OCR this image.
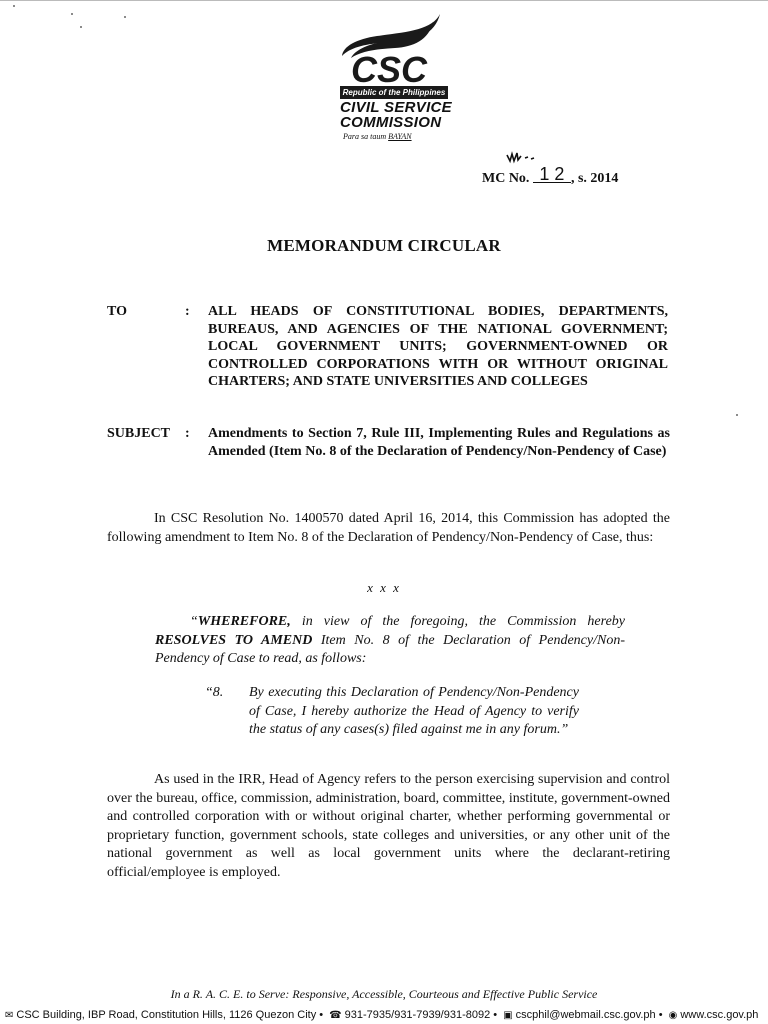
CSC
Republic of the Philippines
CIVIL SERVICE
COMMISSION
Para sa taum BAYAN
MC No. 1 2 , s. 2014
MEMORANDUM CIRCULAR
TO	: ALL HEADS OF CONSTITUTIONAL BODIES, DEPARTMENTS, BUREAUS, AND AGENCIES OF THE NATIONAL GOVERNMENT; LOCAL GOVERNMENT UNITS; GOVERNMENT-OWNED OR CONTROLLED CORPORATIONS WITH OR WITHOUT ORIGINAL CHARTERS; AND STATE UNIVERSITIES AND COLLEGES
SUBJECT : Amendments to Section 7, Rule III, Implementing Rules and Regulations as Amended (Item No. 8 of the Declaration of Pendency/Non-Pendency of Case)
In CSC Resolution No. 1400570 dated April 16, 2014, this Commission has adopted the following amendment to Item No. 8 of the Declaration of Pendency/Non-Pendency of Case, thus:
x x x
“WHEREFORE, in view of the foregoing, the Commission hereby RESOLVES TO AMEND Item No. 8 of the Declaration of Pendency/Non-Pendency of Case to read, as follows:
“8. By executing this Declaration of Pendency/Non-Pendency of Case, I hereby authorize the Head of Agency to verify the status of any cases(s) filed against me in any forum.”
As used in the IRR, Head of Agency refers to the person exercising supervision and control over the bureau, office, commission, administration, board, committee, institute, government-owned and controlled corporation with or without original charter, whether performing governmental or proprietary function, government schools, state colleges and universities, or any other unit of the national government as well as local government units where the declarant-retiring official/employee is employed.
In a R. A. C. E. to Serve: Responsive, Accessible, Courteous and Effective Public Service
✉ CSC Building, IBP Road, Constitution Hills, 1126 Quezon City • ☎ 931-7935/931-7939/931-8092 • ▣ cscphil@webmail.csc.gov.ph • ◉ www.csc.gov.ph
